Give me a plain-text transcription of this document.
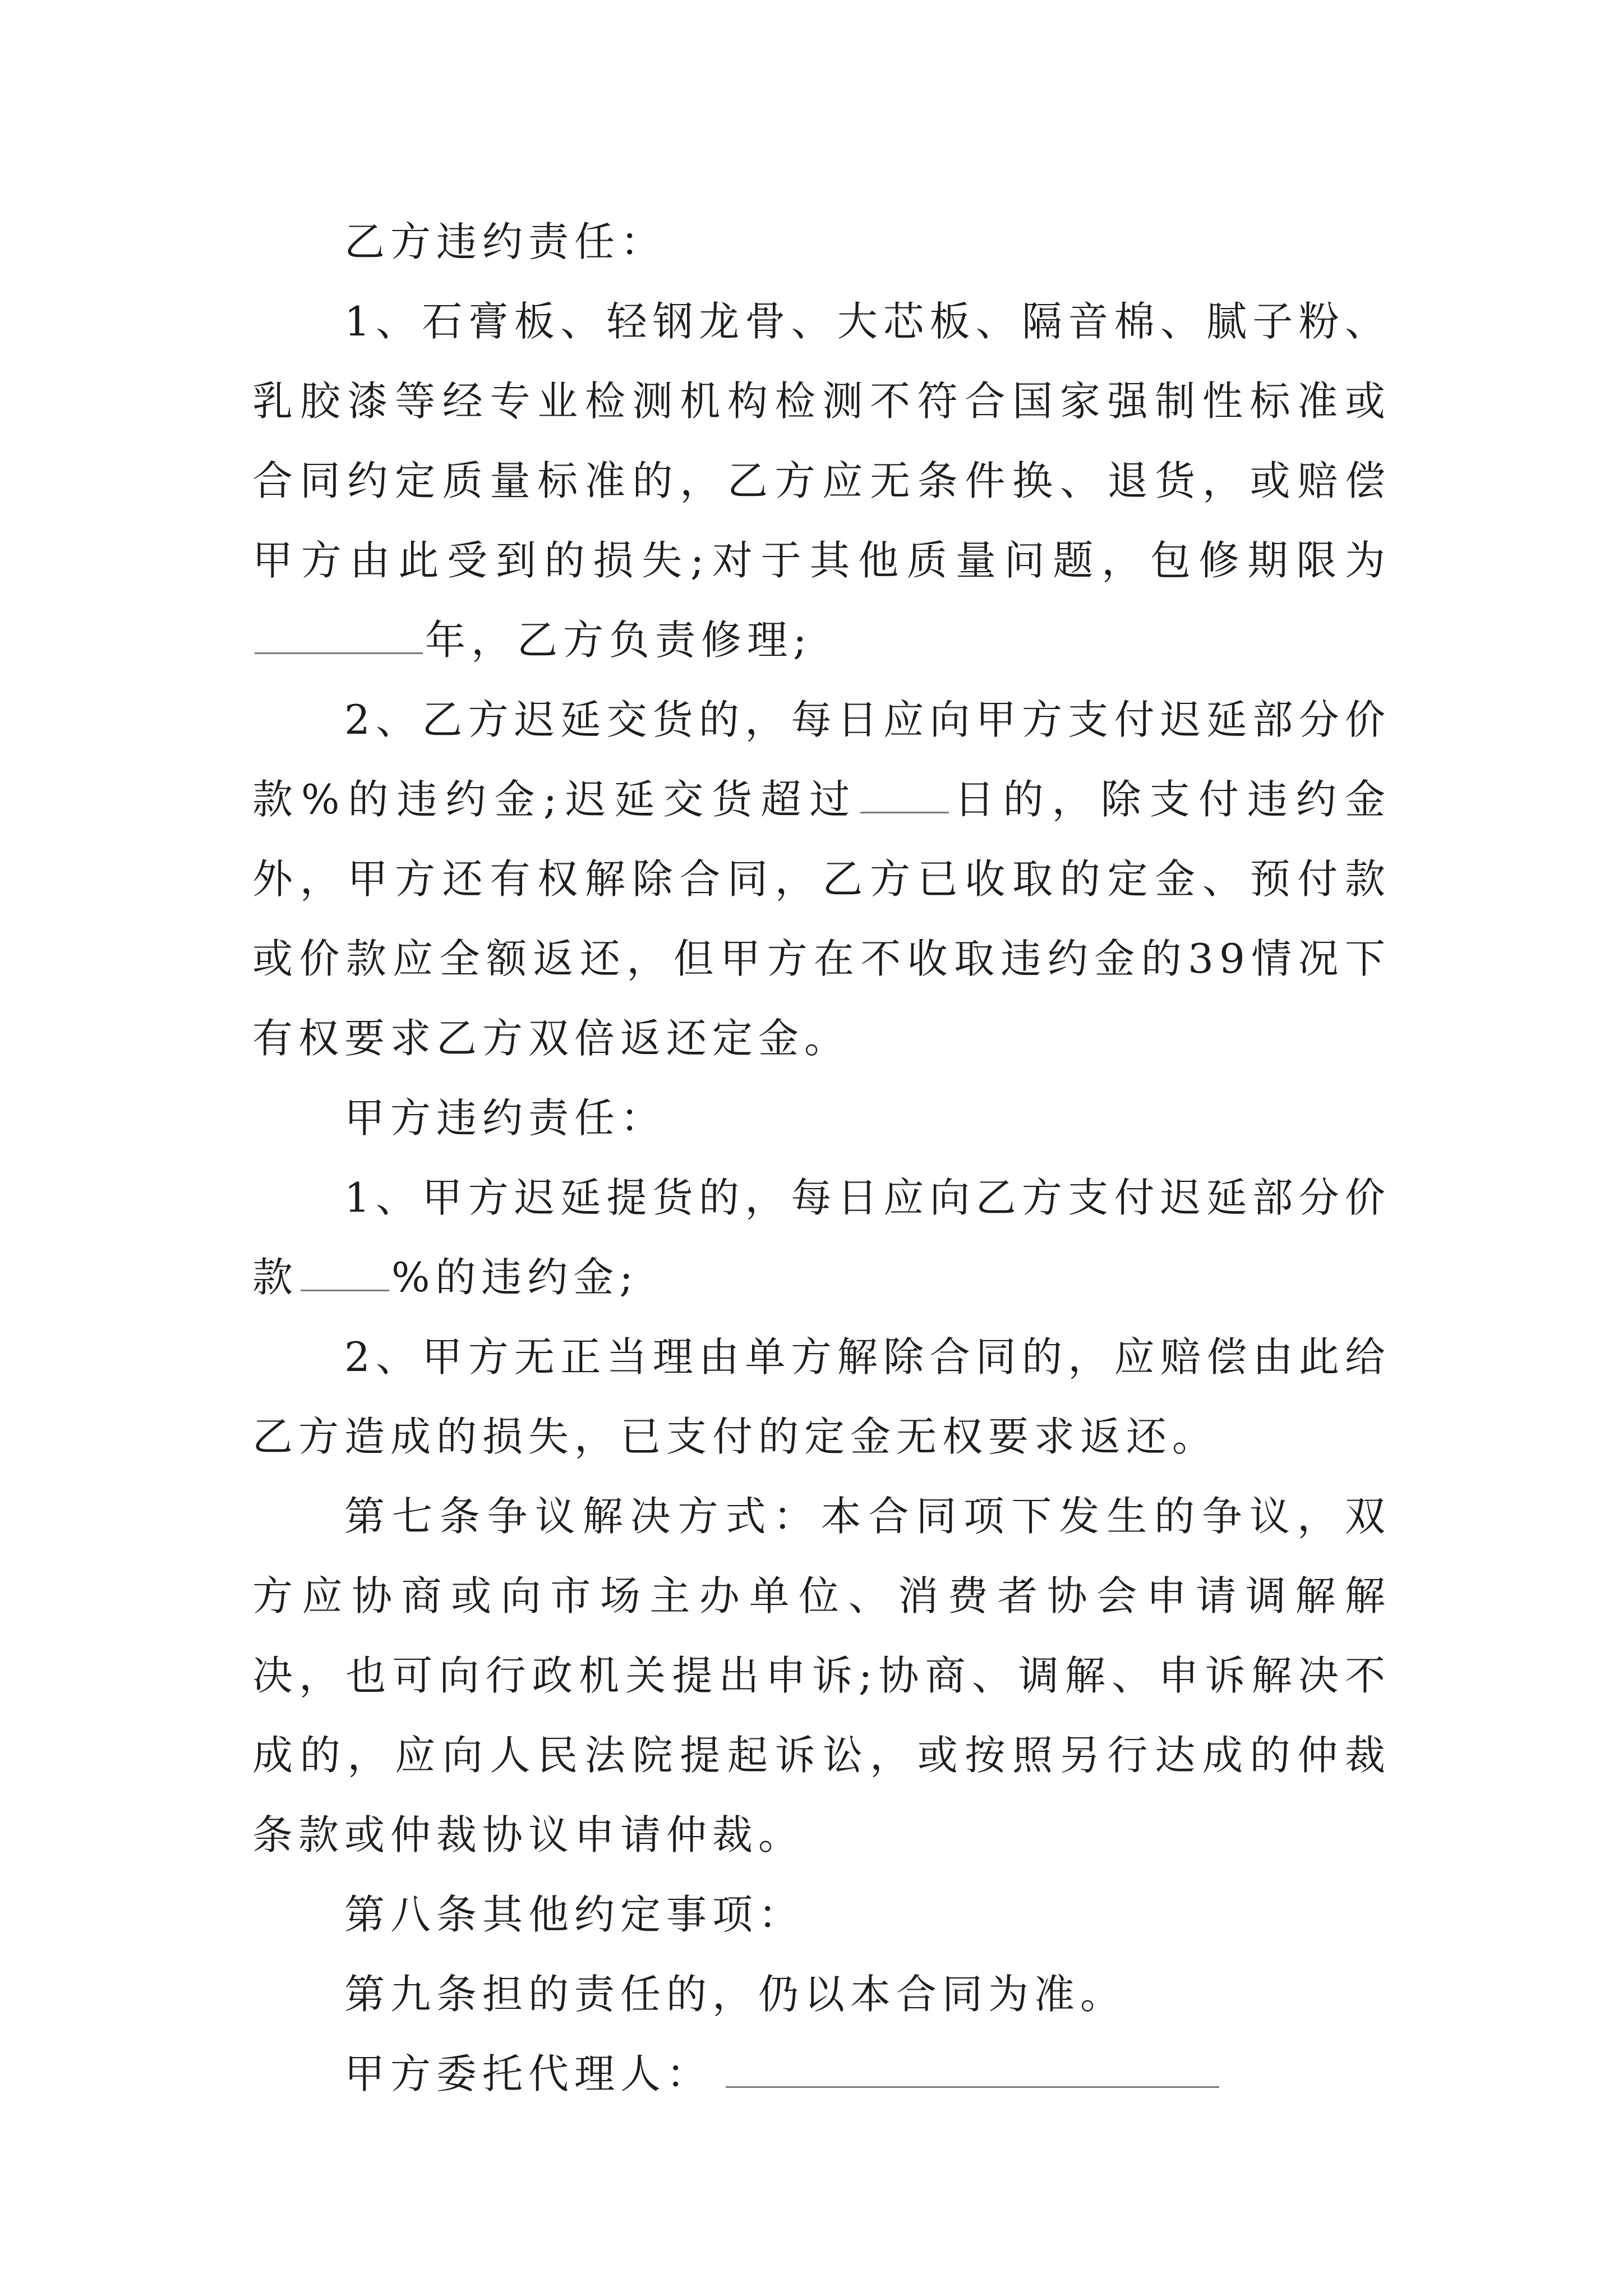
乙方违约责任：

1、石膏板、轻钢龙骨、大芯板、隔音棉、腻子粉、乳胶漆等经专业检测机构检测不符合国家强制性标准或合同约定质量标准的，乙方应无条件换、退货，或赔偿甲方由此受到的损失;对于其他质量问题，包修期限为年，乙方负责修理;

2、乙方迟延交货的，每日应向甲方支付迟延部分价款%的违约金;迟延交货超过 日的，除支付违约金外，甲方还有权解除合同，乙方已收取的定金、预付款或价款应全额返还，但甲方在不收取违约金的39情况下有权要求乙方双倍返还定金。

甲方违约责任：

1、甲方迟延提货的，每日应向乙方支付迟延部分价款 %的违约金;

2、甲方无正当理由单方解除合同的，应赔偿由此给乙方造成的损失，已支付的定金无权要求返还。

第七条争议解决方式：本合同项下发生的争议，双方应协商或向市场主办单位、消费者协会申请调解解决，也可向行政机关提出申诉;协商、调解、申诉解决不成的，应向人民法院提起诉讼，或按照另行达成的仲裁条款或仲裁协议申请仲裁。

第八条其他约定事项：

第九条担的责任的，仍以本合同为准。

甲方委托代理人：
